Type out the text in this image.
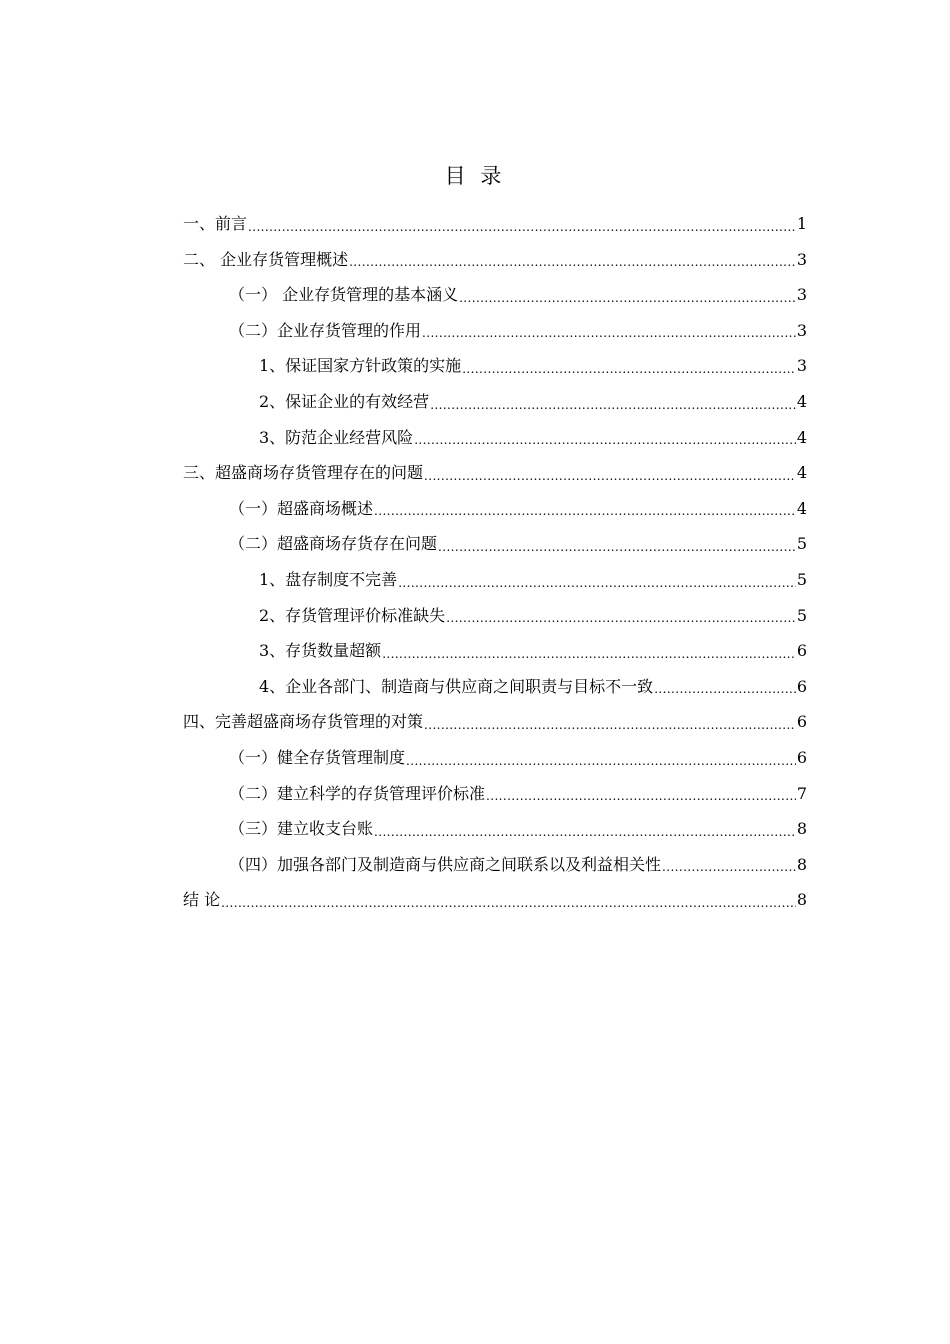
目 录
一、前言 .....	1
二、 企业存货管理概述 .....	3
（一） 企业存货管理的基本涵义 .....	3
（二）企业存货管理的作用 .....	3
1、保证国家方针政策的实施 .....	3
2、保证企业的有效经营 .....	4
3、防范企业经营风险 .....	4
三、超盛商场存货管理存在的问题 .....	4
（一）超盛商场概述 .....	4
（二）超盛商场存货存在问题 .....	5
1、盘存制度不完善 .....	5
2、存货管理评价标准缺失 .....	5
3、存货数量超额 .....	6
4、企业各部门、制造商与供应商之间职责与目标不一致 .....	6
四、完善超盛商场存货管理的对策 .....	6
（一）健全存货管理制度 .....	6
（二）建立科学的存货管理评价标准 .....	7
（三）建立收支台账 .....	8
（四）加强各部门及制造商与供应商之间联系以及利益相关性 .....	8
结 论 .....	8
